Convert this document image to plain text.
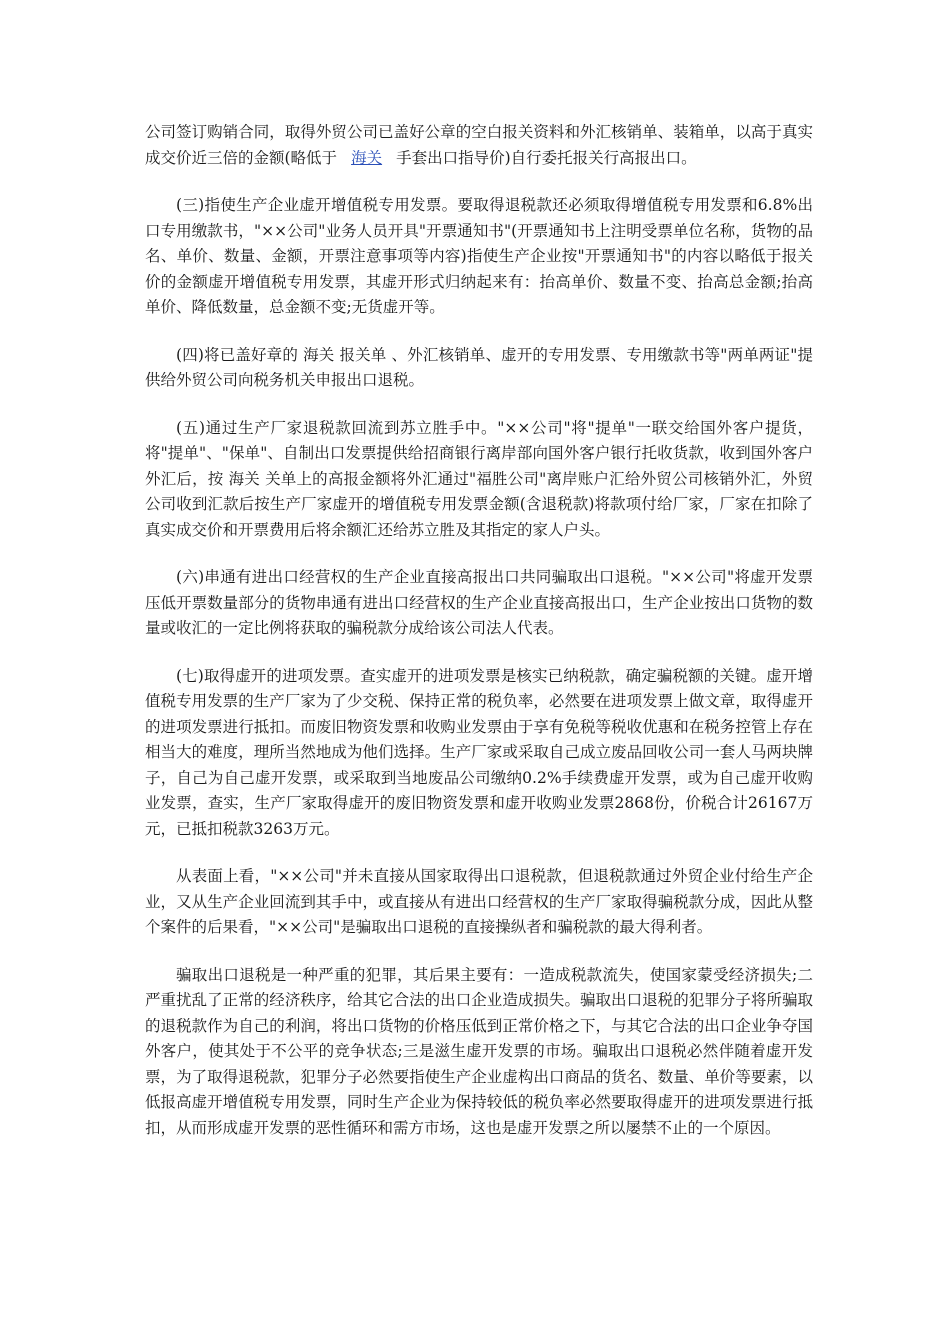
公司签订购销合同，取得外贸公司已盖好公章的空白报关资料和外汇核销单、装箱单，以高于真实成交价近三倍的金额(略低于 海关 手套出口指导价)自行委托报关行高报出口。

(三)指使生产企业虚开增值税专用发票。要取得退税款还必须取得增值税专用发票和6.8%出口专用缴款书，"××公司"业务人员开具"开票通知书"(开票通知书上注明受票单位名称，货物的品名、单价、数量、金额，开票注意事项等内容)指使生产企业按"开票通知书"的内容以略低于报关价的金额虚开增值税专用发票，其虚开形式归纳起来有：抬高单价、数量不变、抬高总金额;抬高单价、降低数量，总金额不变;无货虚开等。

(四)将已盖好章的 海关 报关单 、外汇核销单、虚开的专用发票、专用缴款书等"两单两证"提供给外贸公司向税务机关申报出口退税。

(五)通过生产厂家退税款回流到苏立胜手中。"××公司"将"提单"一联交给国外客户提货，将"提单"、"保单"、自制出口发票提供给招商银行离岸部向国外客户银行托收货款，收到国外客户外汇后，按 海关 关单上的高报金额将外汇通过"福胜公司"离岸账户汇给外贸公司核销外汇，外贸公司收到汇款后按生产厂家虚开的增值税专用发票金额(含退税款)将款项付给厂家，厂家在扣除了真实成交价和开票费用后将余额汇还给苏立胜及其指定的家人户头。

(六)串通有进出口经营权的生产企业直接高报出口共同骗取出口退税。"××公司"将虚开发票压低开票数量部分的货物串通有进出口经营权的生产企业直接高报出口，生产企业按出口货物的数量或收汇的一定比例将获取的骗税款分成给该公司法人代表。

(七)取得虚开的进项发票。查实虚开的进项发票是核实已纳税款，确定骗税额的关键。虚开增值税专用发票的生产厂家为了少交税、保持正常的税负率，必然要在进项发票上做文章，取得虚开的进项发票进行抵扣。而废旧物资发票和收购业发票由于享有免税等税收优惠和在税务控管上存在相当大的难度，理所当然地成为他们选择。生产厂家或采取自己成立废品回收公司一套人马两块牌子，自己为自己虚开发票，或采取到当地废品公司缴纳0.2%手续费虚开发票，或为自己虚开收购业发票，查实，生产厂家取得虚开的废旧物资发票和虚开收购业发票2868份，价税合计26167万元，已抵扣税款3263万元。

从表面上看，"××公司"并未直接从国家取得出口退税款，但退税款通过外贸企业付给生产企业，又从生产企业回流到其手中，或直接从有进出口经营权的生产厂家取得骗税款分成，因此从整个案件的后果看，"××公司"是骗取出口退税的直接操纵者和骗税款的最大得利者。

骗取出口退税是一种严重的犯罪，其后果主要有：一造成税款流失，使国家蒙受经济损失;二严重扰乱了正常的经济秩序，给其它合法的出口企业造成损失。骗取出口退税的犯罪分子将所骗取的退税款作为自己的利润，将出口货物的价格压低到正常价格之下，与其它合法的出口企业争夺国外客户，使其处于不公平的竞争状态;三是滋生虚开发票的市场。骗取出口退税必然伴随着虚开发票，为了取得退税款，犯罪分子必然要指使生产企业虚构出口商品的货名、数量、单价等要素，以低报高虚开增值税专用发票，同时生产企业为保持较低的税负率必然要取得虚开的进项发票进行抵扣，从而形成虚开发票的恶性循环和需方市场，这也是虚开发票之所以屡禁不止的一个原因。
